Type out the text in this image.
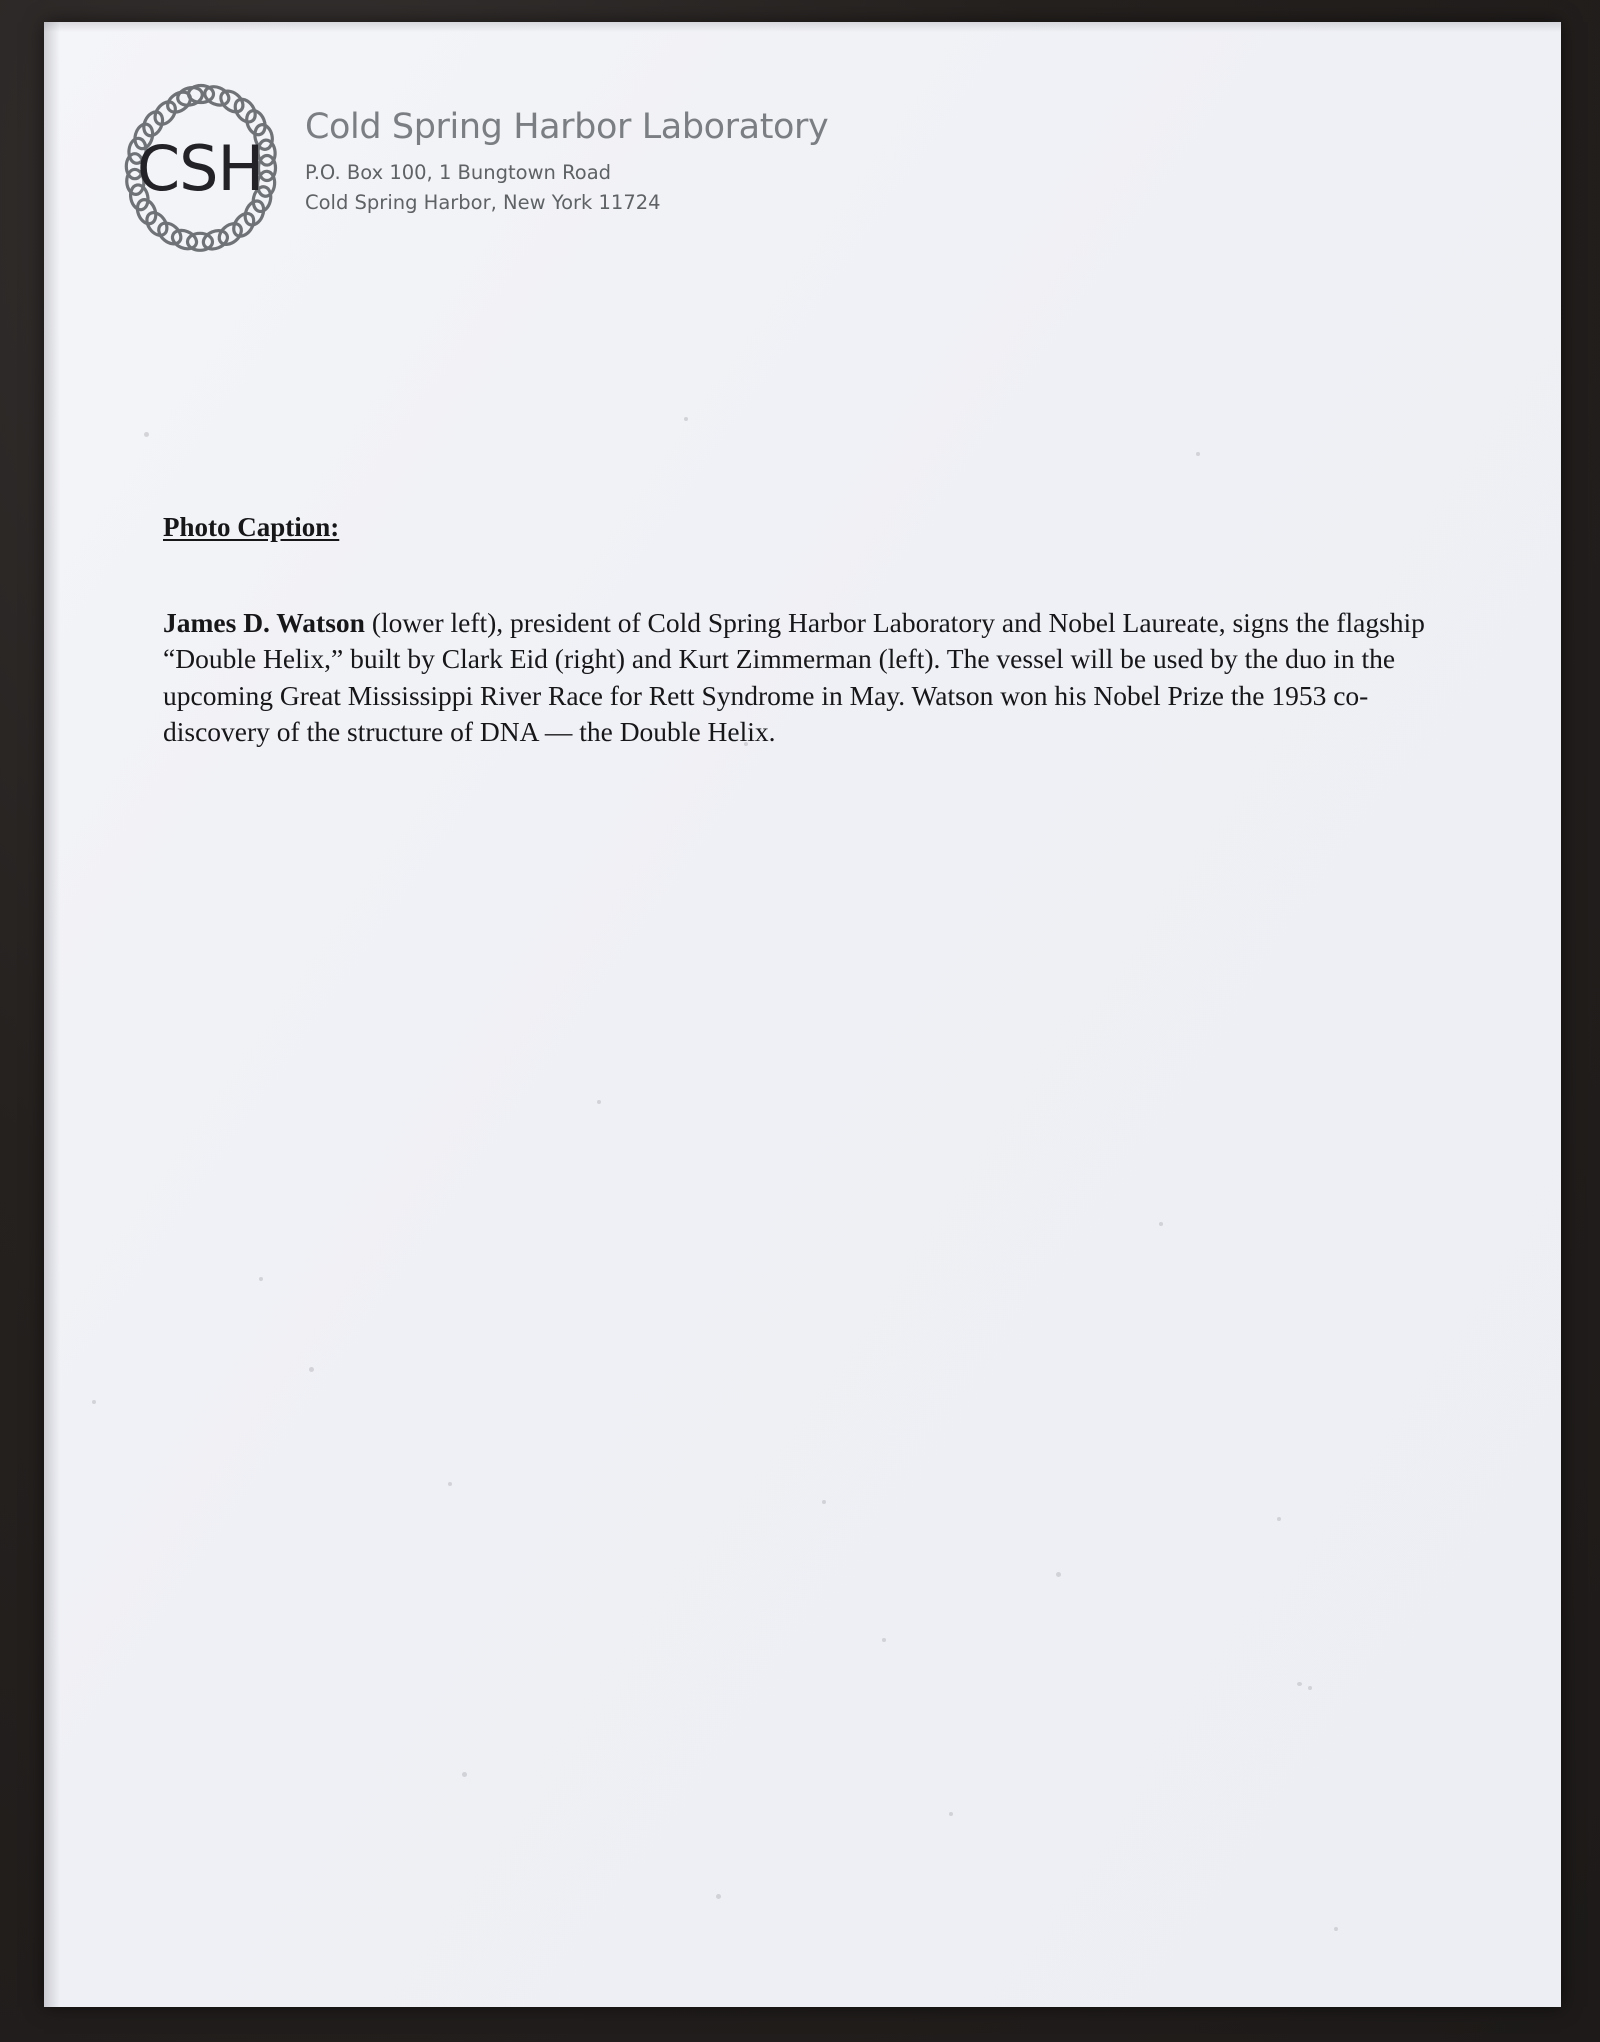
CSH
Cold Spring Harbor Laboratory
P.O. Box 100, 1 Bungtown Road
Cold Spring Harbor, New York 11724
Photo Caption:

James D. Watson (lower left), president of Cold Spring Harbor Laboratory and Nobel Laureate, signs the flagship “Double Helix,” built by Clark Eid (right) and Kurt Zimmerman (left). The vessel will be used by the duo in the upcoming Great Mississippi River Race for Rett Syndrome in May. Watson won his Nobel Prize the 1953 co-discovery of the structure of DNA — the Double Helix.
